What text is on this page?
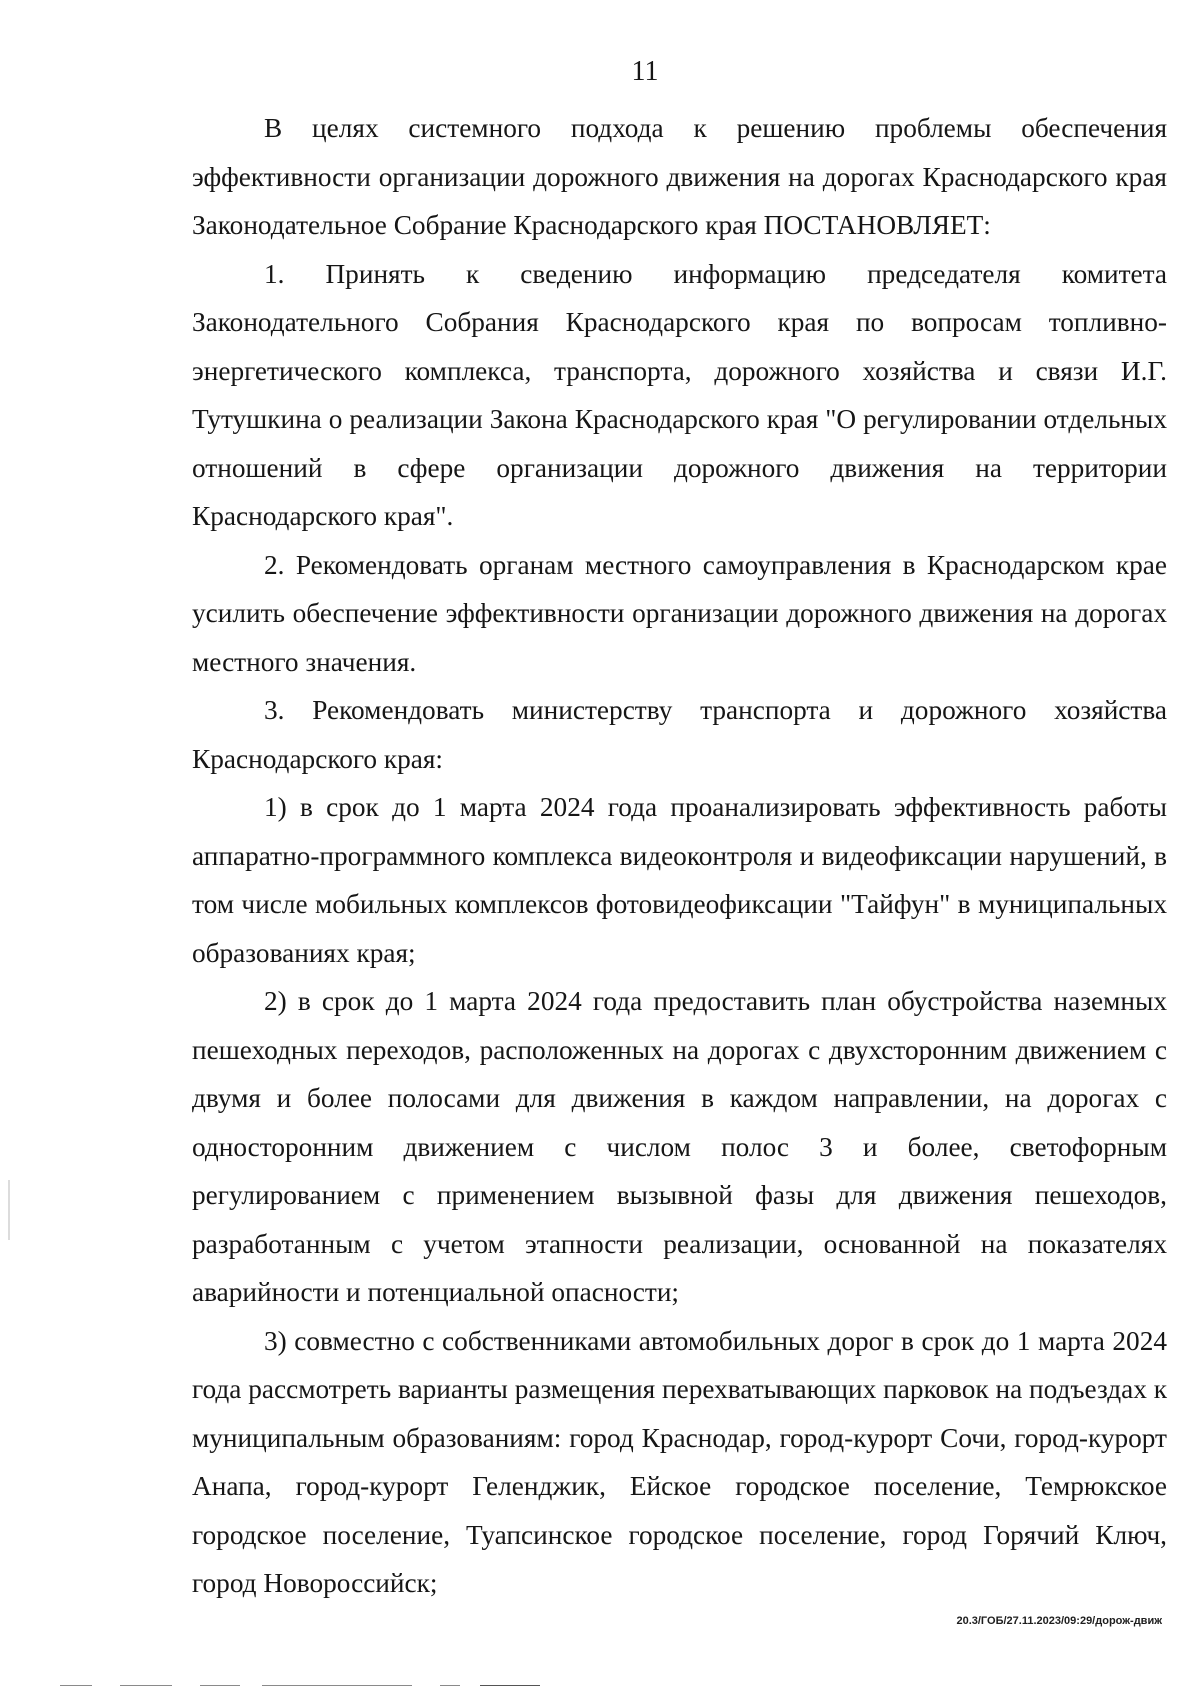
11

В целях системного подхода к решению проблемы обеспечения эффективности организации дорожного движения на дорогах Краснодарского края Законодательное Собрание Краснодарского края ПОСТАНОВЛЯЕТ:

1. Принять к сведению информацию председателя комитета Законодательного Собрания Краснодарского края по вопросам топливно-энергетического комплекса, транспорта, дорожного хозяйства и связи И.Г. Тутушкина о реализации Закона Краснодарского края "О регулировании отдельных отношений в сфере организации дорожного движения на территории Краснодарского края".

2. Рекомендовать органам местного самоуправления в Краснодарском крае усилить обеспечение эффективности организации дорожного движения на дорогах местного значения.

3. Рекомендовать министерству транспорта и дорожного хозяйства Краснодарского края:

1) в срок до 1 марта 2024 года проанализировать эффективность работы аппаратно-программного комплекса видеоконтроля и видеофиксации нарушений, в том числе мобильных комплексов фотовидеофиксации "Тайфун" в муниципальных образованиях края;

2) в срок до 1 марта 2024 года предоставить план обустройства наземных пешеходных переходов, расположенных на дорогах с двухсторонним движением с двумя и более полосами для движения в каждом направлении, на дорогах с односторонним движением с числом полос 3 и более, светофорным регулированием с применением вызывной фазы для движения пешеходов, разработанным с учетом этапности реализации, основанной на показателях аварийности и потенциальной опасности;

3) совместно с собственниками автомобильных дорог в срок до 1 марта 2024 года рассмотреть варианты размещения перехватывающих парковок на подъездах к муниципальным образованиям: город Краснодар, город-курорт Сочи, город-курорт Анапа, город-курорт Геленджик, Ейское городское поселение, Темрюкское городское поселение, Туапсинское городское поселение, город Горячий Ключ, город Новороссийск;

20.3/ГОБ/27.11.2023/09:29/дорож-движ
